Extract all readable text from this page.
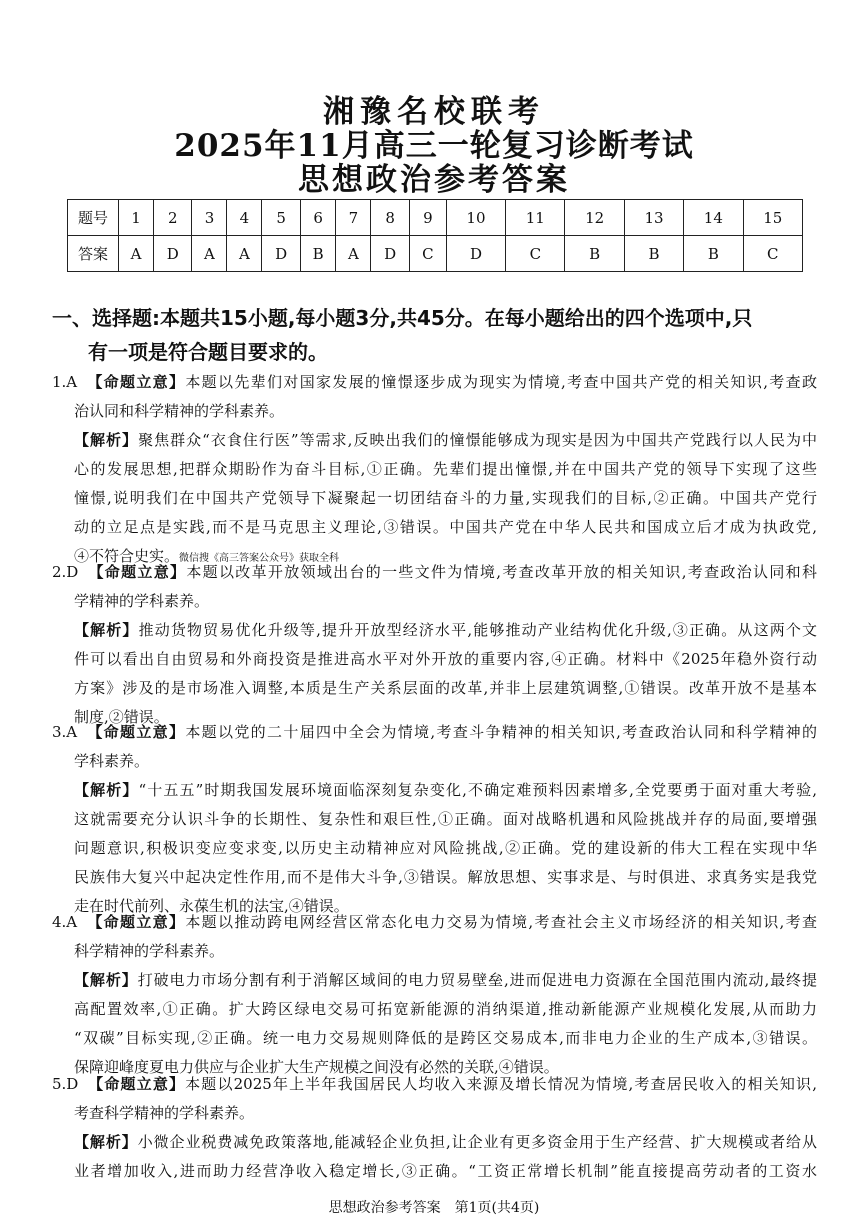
湘豫名校联考
2025年11月高三一轮复习诊断考试
思想政治参考答案
题号	1	2	3	4	5	6	7	8	9	10	11	12	13	14	15
答案	A	D	A	A	D	B	A	D	C	D	C	B	B	B	C
一、选择题:本题共15小题,每小题3分,共45分。在每小题给出的四个选项中,只
有一项是符合题目要求的。
1.A　 【命题立意】本题以先辈们对国家发展的憧憬逐步成为现实为情境,考查中国共产党的相关知识,考查政
治认同和科学精神的学科素养。
【解析】聚焦群众“衣食住行医”等需求,反映出我们的憧憬能够成为现实是因为中国共产党践行以人民为中
心的发展思想,把群众期盼作为奋斗目标,①正确。先辈们提出憧憬,并在中国共产党的领导下实现了这些
憧憬,说明我们在中国共产党领导下凝聚起一切团结奋斗的力量,实现我们的目标,②正确。中国共产党行
动的立足点是实践,而不是马克思主义理论,③错误。中国共产党在中华人民共和国成立后才成为执政党,
④不符合史实。微信搜《高三答案公众号》获取全科
2.D　 【命题立意】本题以改革开放领域出台的一些文件为情境,考查改革开放的相关知识,考查政治认同和科
学精神的学科素养。
【解析】推动货物贸易优化升级等,提升开放型经济水平,能够推动产业结构优化升级,③正确。从这两个文
件可以看出自由贸易和外商投资是推进高水平对外开放的重要内容,④正确。材料中《2025年稳外资行动
方案》涉及的是市场准入调整,本质是生产关系层面的改革,并非上层建筑调整,①错误。改革开放不是基本
制度,②错误。
3.A　 【命题立意】本题以党的二十届四中全会为情境,考查斗争精神的相关知识,考查政治认同和科学精神的
学科素养。
【解析】“十五五”时期我国发展环境面临深刻复杂变化,不确定难预料因素增多,全党要勇于面对重大考验,
这就需要充分认识斗争的长期性、复杂性和艰巨性,①正确。面对战略机遇和风险挑战并存的局面,要增强
问题意识,积极识变应变求变,以历史主动精神应对风险挑战,②正确。党的建设新的伟大工程在实现中华
民族伟大复兴中起决定性作用,而不是伟大斗争,③错误。解放思想、实事求是、与时俱进、求真务实是我党
走在时代前列、永葆生机的法宝,④错误。
4.A　 【命题立意】本题以推动跨电网经营区常态化电力交易为情境,考查社会主义市场经济的相关知识,考查
科学精神的学科素养。
【解析】打破电力市场分割有利于消解区域间的电力贸易壁垒,进而促进电力资源在全国范围内流动,最终提
高配置效率,①正确。扩大跨区绿电交易可拓宽新能源的消纳渠道,推动新能源产业规模化发展,从而助力
“双碳”目标实现,②正确。统一电力交易规则降低的是跨区交易成本,而非电力企业的生产成本,③错误。
保障迎峰度夏电力供应与企业扩大生产规模之间没有必然的关联,④错误。
5.D　 【命题立意】本题以2025年上半年我国居民人均收入来源及增长情况为情境,考查居民收入的相关知识,
考查科学精神的学科素养。
【解析】小微企业税费减免政策落地,能减轻企业负担,让企业有更多资金用于生产经营、扩大规模或者给从
业者增加收入,进而助力经营净收入稳定增长,③正确。“工资正常增长机制”能直接提高劳动者的工资水
思想政治参考答案　第1页(共4页)
